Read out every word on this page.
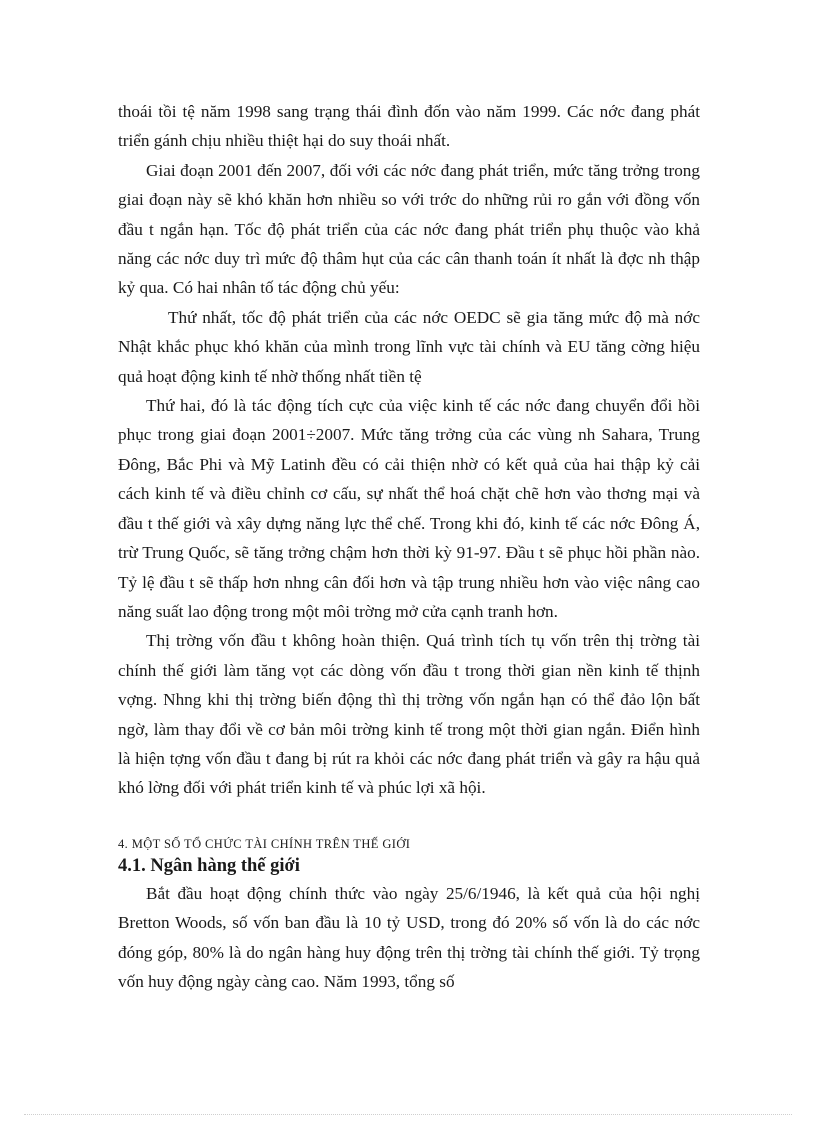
thoái tồi tệ năm 1998 sang trạng thái đình đốn vào năm 1999. Các nớc đang phát triển gánh chịu nhiều thiệt hại do suy thoái nhất.

Giai đoạn 2001 đến 2007, đối với các nớc đang phát triển, mức tăng trởng trong giai đoạn này sẽ khó khăn hơn nhiều so với trớc do những rủi ro gắn với đồng vốn đầu t ngắn hạn. Tốc độ phát triển của các nớc đang phát triển phụ thuộc vào khả năng các nớc duy trì mức độ thâm hụt của các cân thanh toán ít nhất là đợc nh thập kỷ qua. Có hai nhân tố tác động chủ yếu:

Thứ nhất, tốc độ phát triển của các nớc OEDC sẽ gia tăng mức độ mà nớc Nhật khắc phục khó khăn của mình trong lĩnh vực tài chính và EU tăng cờng hiệu quả hoạt động kinh tế nhờ thống nhất tiền tệ

Thứ hai, đó là tác động tích cực của việc kinh tế các nớc đang chuyển đổi hồi phục trong giai đoạn 2001÷2007. Mức tăng trởng của các vùng nh Sahara, Trung Đông, Bắc Phi và Mỹ Latinh đều có cải thiện nhờ có kết quả của hai thập kỷ cải cách kinh tế và điều chỉnh cơ cấu, sự nhất thể hoá chặt chẽ hơn vào thơng mại và đầu t thế giới và xây dựng năng lực thể chế. Trong khi đó, kinh tế các nớc Đông Á, trừ Trung Quốc, sẽ tăng trởng chậm hơn thời kỳ 91-97. Đầu t sẽ phục hồi phần nào. Tỷ lệ đầu t sẽ thấp hơn nhng cân đối hơn và tập trung nhiều hơn vào việc nâng cao năng suất lao động trong một môi trờng mở cửa cạnh tranh hơn.

Thị trờng vốn đầu t không hoàn thiện. Quá trình tích tụ vốn trên thị trờng tài chính thế giới làm tăng vọt các dòng vốn đầu t trong thời gian nền kinh tế thịnh vợng. Nhng khi thị trờng biến động thì thị trờng vốn ngắn hạn có thể đảo lộn bất ngờ, làm thay đổi về cơ bản môi trờng kinh tế trong một thời gian ngắn. Điển hình là hiện tợng vốn đầu t đang bị rút ra khỏi các nớc đang phát triển và gây ra hậu quả khó lờng đối với phát triển kinh tế và phúc lợi xã hội.

4. MỘT SỐ TỔ CHỨC TÀI CHÍNH TRÊN THẾ GIỚI
4.1. Ngân hàng thế giới

Bắt đầu hoạt động chính thức vào ngày 25/6/1946, là kết quả của hội nghị Bretton Woods, số vốn ban đầu là 10 tỷ USD, trong đó 20% số vốn là do các nớc đóng góp, 80% là do ngân hàng huy động trên thị trờng tài chính thế giới. Tỷ trọng vốn huy động ngày càng cao. Năm 1993, tổng số
